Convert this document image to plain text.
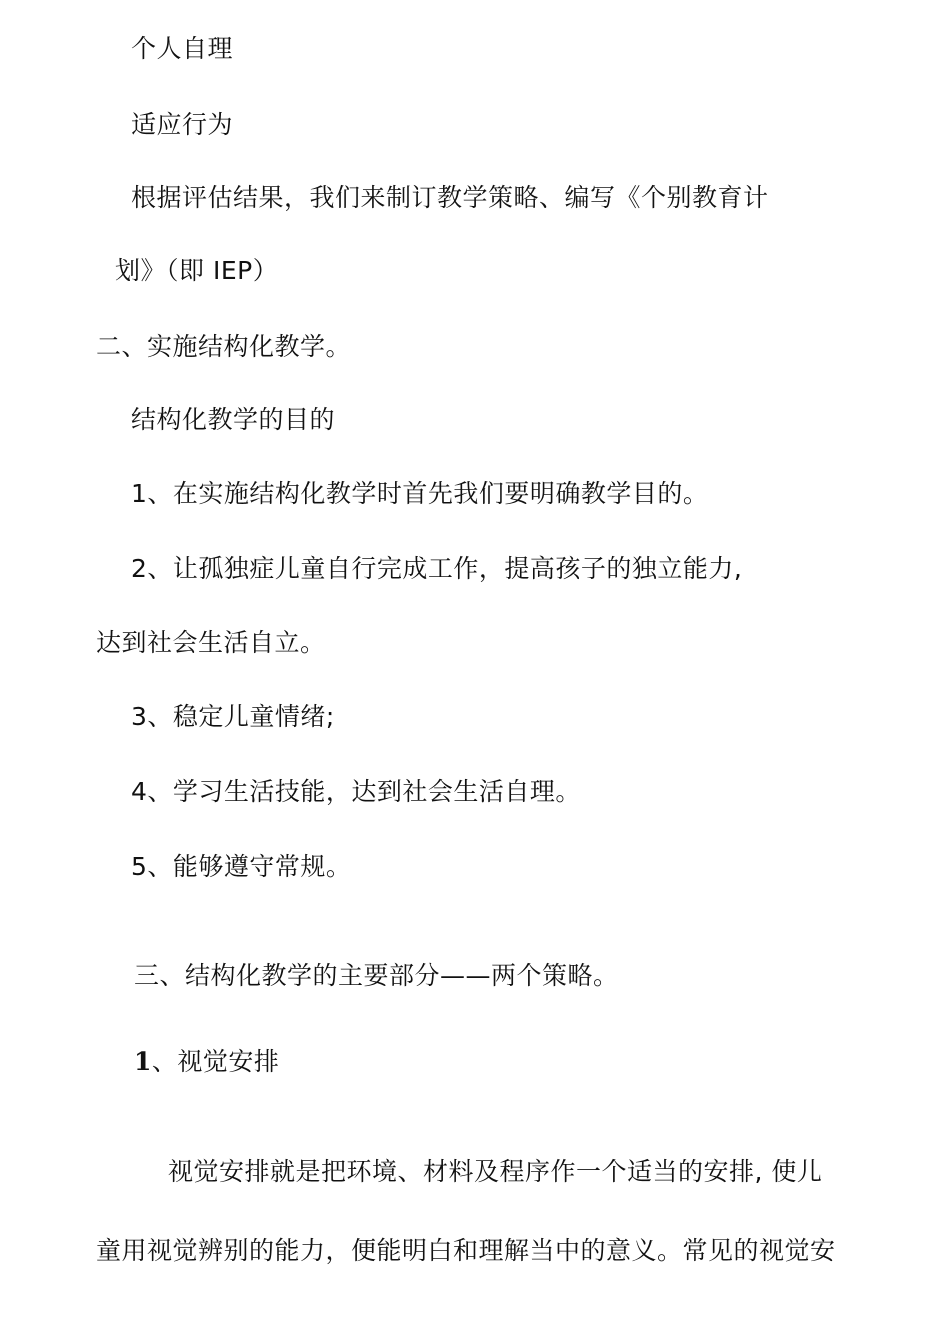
个人自理
适应行为
根据评估结果，我们来制订教学策略、编写《个别教育计
划》（即 IEP）
二、实施结构化教学。
结构化教学的目的
1、在实施结构化教学时首先我们要明确教学目的。
2、让孤独症儿童自行完成工作，提高孩子的独立能力,
达到社会生活自立。
3、稳定儿童情绪;
4、学习生活技能，达到社会生活自理。
5、能够遵守常规。
三、结构化教学的主要部分——两个策略。
1、视觉安排
视觉安排就是把环境、材料及程序作一个适当的安排, 使儿
童用视觉辨别的能力，便能明白和理解当中的意义。常见的视觉安
